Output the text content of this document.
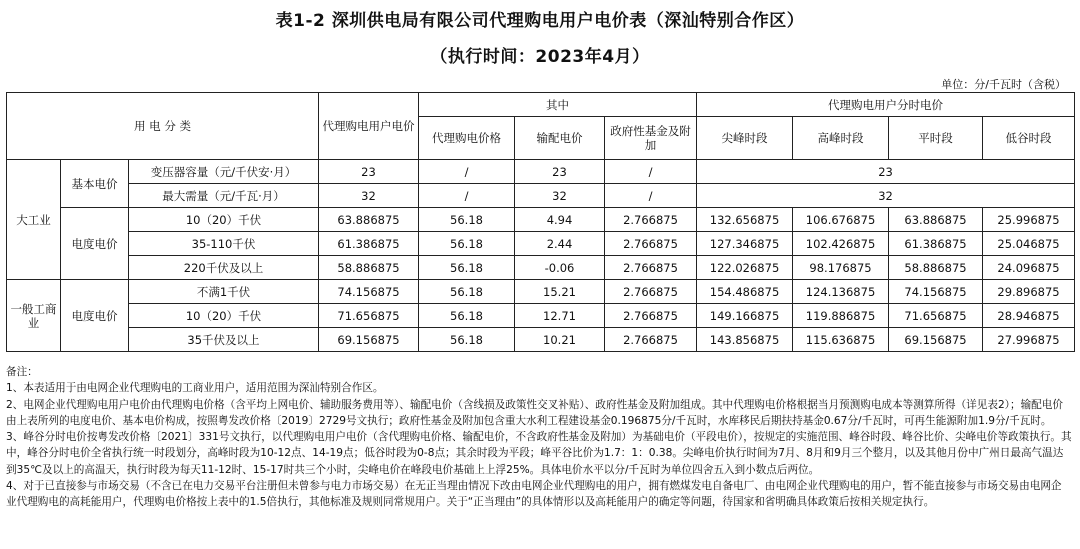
表1-2 深圳供电局有限公司代理购电用户电价表（深汕特别合作区）
（执行时间：2023年4月）
单位：分/千瓦时（含税）
用 电 分 类			代理购电用户电价	其中			代理购电用户分时电价			
				代理购电价格	输配电价	政府性基金及附加	尖峰时段	高峰时段	平时段	低谷时段
大工业	基本电价	变压器容量（元/千伏安·月）	23	/	23	/	23			
		最大需量（元/千瓦·月）	32	/	32	/	32			
	电度电价	10（20）千伏	63.886875	56.18	4.94	2.766875	132.656875	106.676875	63.886875	25.996875
		35-110千伏	61.386875	56.18	2.44	2.766875	127.346875	102.426875	61.386875	25.046875
		220千伏及以上	58.886875	56.18	-0.06	2.766875	122.026875	98.176875	58.886875	24.096875
一般工商业	电度电价	不满1千伏	74.156875	56.18	15.21	2.766875	154.486875	124.136875	74.156875	29.896875
		10（20）千伏	71.656875	56.18	12.71	2.766875	149.166875	119.886875	71.656875	28.946875
		35千伏及以上	69.156875	56.18	10.21	2.766875	143.856875	115.636875	69.156875	27.996875
备注：
1、本表适用于由电网企业代理购电的工商业用户，适用范围为深汕特别合作区。
2、电网企业代理购电用户电价由代理购电价格（含平均上网电价、辅助服务费用等）、输配电价（含线损及政策性交叉补贴）、政府性基金及附加组成。其中代理购电价格根据当月预测购电成本等测算所得（详见表2）；输配电价由上表所列的电度电价、基本电价构成，按照粤发改价格〔2019〕2729号文执行；政府性基金及附加包含重大水利工程建设基金0.196875分/千瓦时，水库移民后期扶持基金0.67分/千瓦时，可再生能源附加1.9分/千瓦时。
3、峰谷分时电价按粤发改价格〔2021〕331号文执行，以代理购电用户电价（含代理购电价格、输配电价，不含政府性基金及附加）为基础电价（平段电价），按规定的实施范围、峰谷时段、峰谷比价、尖峰电价等政策执行。其中，峰谷分时电价全省执行统一时段划分，高峰时段为10-12点、14-19点；低谷时段为0-8点；其余时段为平段；峰平谷比价为1.7：1：0.38。尖峰电价执行时间为7月、8月和9月三个整月，以及其他月份中广州日最高气温达到35℃及以上的高温天，执行时段为每天11-12时、15-17时共三个小时，尖峰电价在峰段电价基础上上浮25%。具体电价水平以分/千瓦时为单位四舍五入到小数点后两位。
4、对于已直接参与市场交易（不含已在电力交易平台注册但未曾参与电力市场交易）在无正当理由情况下改由电网企业代理购电的用户，拥有燃煤发电自备电厂、由电网企业代理购电的用户，暂不能直接参与市场交易由电网企业代理购电的高耗能用户，代理购电价格按上表中的1.5倍执行，其他标准及规则同常规用户。关于“正当理由”的具体情形以及高耗能用户的确定等问题，待国家和省明确具体政策后按相关规定执行。
